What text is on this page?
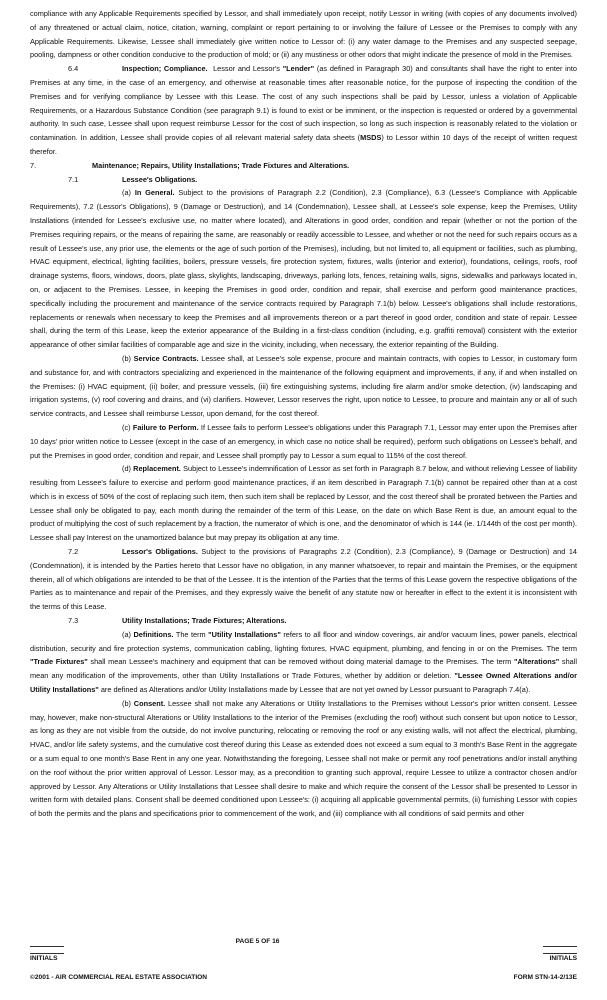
compliance with any Applicable Requirements specified by Lessor, and shall immediately upon receipt, notify Lessor in writing (with copies of any documents involved) of any threatened or actual claim, notice, citation, warning, complaint or report pertaining to or involving the failure of Lessee or the Premises to comply with any Applicable Requirements. Likewise, Lessee shall immediately give written notice to Lessor of: (i) any water damage to the Premises and any suspected seepage, pooling, dampness or other condition conducive to the production of mold; or (ii) any mustiness or other odors that might indicate the presence of mold in the Premises.

6.4	Inspection; Compliance. Lessor and Lessor's "Lender" (as defined in Paragraph 30) and consultants shall have the right to enter into Premises at any time, in the case of an emergency, and otherwise at reasonable times after reasonable notice, for the purpose of inspecting the condition of the Premises and for verifying compliance by Lessee with this Lease. The cost of any such inspections shall be paid by Lessor, unless a violation of Applicable Requirements, or a Hazardous Substance Condition (see paragraph 9.1) is found to exist or be imminent, or the inspection is requested or ordered by a governmental authority. In such case, Lessee shall upon request reimburse Lessor for the cost of such inspection, so long as such inspection is reasonably related to the violation or contamination. In addition, Lessee shall provide copies of all relevant material safety data sheets (MSDS) to Lessor within 10 days of the receipt of written request therefor.

7.	Maintenance; Repairs, Utility Installations; Trade Fixtures and Alterations.

7.1	Lessee's Obligations.

(a) In General. Subject to the provisions of Paragraph 2.2 (Condition), 2.3 (Compliance), 6.3 (Lessee's Compliance with Applicable Requirements), 7.2 (Lessor's Obligations), 9 (Damage or Destruction), and 14 (Condemnation), Lessee shall, at Lessee's sole expense, keep the Premises, Utility Installations (intended for Lessee's exclusive use, no matter where located), and Alterations in good order, condition and repair (whether or not the portion of the Premises requiring repairs, or the means of repairing the same, are reasonably or readily accessible to Lessee, and whether or not the need for such repairs occurs as a result of Lessee's use, any prior use, the elements or the age of such portion of the Premises), including, but not limited to, all equipment or facilities, such as plumbing, HVAC equipment, electrical, lighting facilities, boilers, pressure vessels, fire protection system, fixtures, walls (interior and exterior), foundations, ceilings, roofs, roof drainage systems, floors, windows, doors, plate glass, skylights, landscaping, driveways, parking lots, fences, retaining walls, signs, sidewalks and parkways located in, on, or adjacent to the Premises. Lessee, in keeping the Premises in good order, condition and repair, shall exercise and perform good maintenance practices, specifically including the procurement and maintenance of the service contracts required by Paragraph 7.1(b) below. Lessee's obligations shall include restorations, replacements or renewals when necessary to keep the Premises and all improvements thereon or a part thereof in good order, condition and state of repair. Lessee shall, during the term of this Lease, keep the exterior appearance of the Building in a first-class condition (including, e.g. graffiti removal) consistent with the exterior appearance of other similar facilities of comparable age and size in the vicinity, including, when necessary, the exterior repainting of the Building.

(b) Service Contracts. Lessee shall, at Lessee's sole expense, procure and maintain contracts, with copies to Lessor, in customary form and substance for, and with contractors specializing and experienced in the maintenance of the following equipment and improvements, if any, if and when installed on the Premises: (i) HVAC equipment, (ii) boiler, and pressure vessels, (iii) fire extinguishing systems, including fire alarm and/or smoke detection, (iv) landscaping and irrigation systems, (v) roof covering and drains, and (vi) clarifiers. However, Lessor reserves the right, upon notice to Lessee, to procure and maintain any or all of such service contracts, and Lessee shall reimburse Lessor, upon demand, for the cost thereof.

(c) Failure to Perform. If Lessee fails to perform Lessee's obligations under this Paragraph 7.1, Lessor may enter upon the Premises after 10 days' prior written notice to Lessee (except in the case of an emergency, in which case no notice shall be required), perform such obligations on Lessee's behalf, and put the Premises in good order, condition and repair, and Lessee shall promptly pay to Lessor a sum equal to 115% of the cost thereof.

(d) Replacement. Subject to Lessee's indemnification of Lessor as set forth in Paragraph 8.7 below, and without relieving Lessee of liability resulting from Lessee's failure to exercise and perform good maintenance practices, if an item described in Paragraph 7.1(b) cannot be repaired other than at a cost which is in excess of 50% of the cost of replacing such item, then such item shall be replaced by Lessor, and the cost thereof shall be prorated between the Parties and Lessee shall only be obligated to pay, each month during the remainder of the term of this Lease, on the date on which Base Rent is due, an amount equal to the product of multiplying the cost of such replacement by a fraction, the numerator of which is one, and the denominator of which is 144 (ie. 1/144th of the cost per month). Lessee shall pay Interest on the unamortized balance but may prepay its obligation at any time.

7.2	Lessor's Obligations. Subject to the provisions of Paragraphs 2.2 (Condition), 2.3 (Compliance), 9 (Damage or Destruction) and 14 (Condemnation), it is intended by the Parties hereto that Lessor have no obligation, in any manner whatsoever, to repair and maintain the Premises, or the equipment therein, all of which obligations are intended to be that of the Lessee. It is the intention of the Parties that the terms of this Lease govern the respective obligations of the Parties as to maintenance and repair of the Premises, and they expressly waive the benefit of any statute now or hereafter in effect to the extent it is inconsistent with the terms of this Lease.

7.3	Utility Installations; Trade Fixtures; Alterations.

(a) Definitions. The term "Utility Installations" refers to all floor and window coverings, air and/or vacuum lines, power panels, electrical distribution, security and fire protection systems, communication cabling, lighting fixtures, HVAC equipment, plumbing, and fencing in or on the Premises. The term "Trade Fixtures" shall mean Lessee's machinery and equipment that can be removed without doing material damage to the Premises. The term "Alterations" shall mean any modification of the improvements, other than Utility Installations or Trade Fixtures, whether by addition or deletion. "Lessee Owned Alterations and/or Utility Installations" are defined as Alterations and/or Utility Installations made by Lessee that are not yet owned by Lessor pursuant to Paragraph 7.4(a).

(b) Consent. Lessee shall not make any Alterations or Utility Installations to the Premises without Lessor's prior written consent. Lessee may, however, make non-structural Alterations or Utility Installations to the interior of the Premises (excluding the roof) without such consent but upon notice to Lessor, as long as they are not visible from the outside, do not involve puncturing, relocating or removing the roof or any existing walls, will not affect the electrical, plumbing, HVAC, and/or life safety systems, and the cumulative cost thereof during this Lease as extended does not exceed a sum equal to 3 month's Base Rent in the aggregate or a sum equal to one month's Base Rent in any one year. Notwithstanding the foregoing, Lessee shall not make or permit any roof penetrations and/or install anything on the roof without the prior written approval of Lessor. Lessor may, as a precondition to granting such approval, require Lessee to utilize a contractor chosen and/or approved by Lessor. Any Alterations or Utility Installations that Lessee shall desire to make and which require the consent of the Lessor shall be presented to Lessor in written form with detailed plans. Consent shall be deemed conditioned upon Lessee's: (i) acquiring all applicable governmental permits, (ii) furnishing Lessor with copies of both the permits and the plans and specifications prior to commencement of the work, and (iii) compliance with all conditions of said permits and other

PAGE 5 OF 16
INITIALS	INITIALS
©2001 - AIR COMMERCIAL REAL ESTATE ASSOCIATION	FORM STN-14-2/13E
